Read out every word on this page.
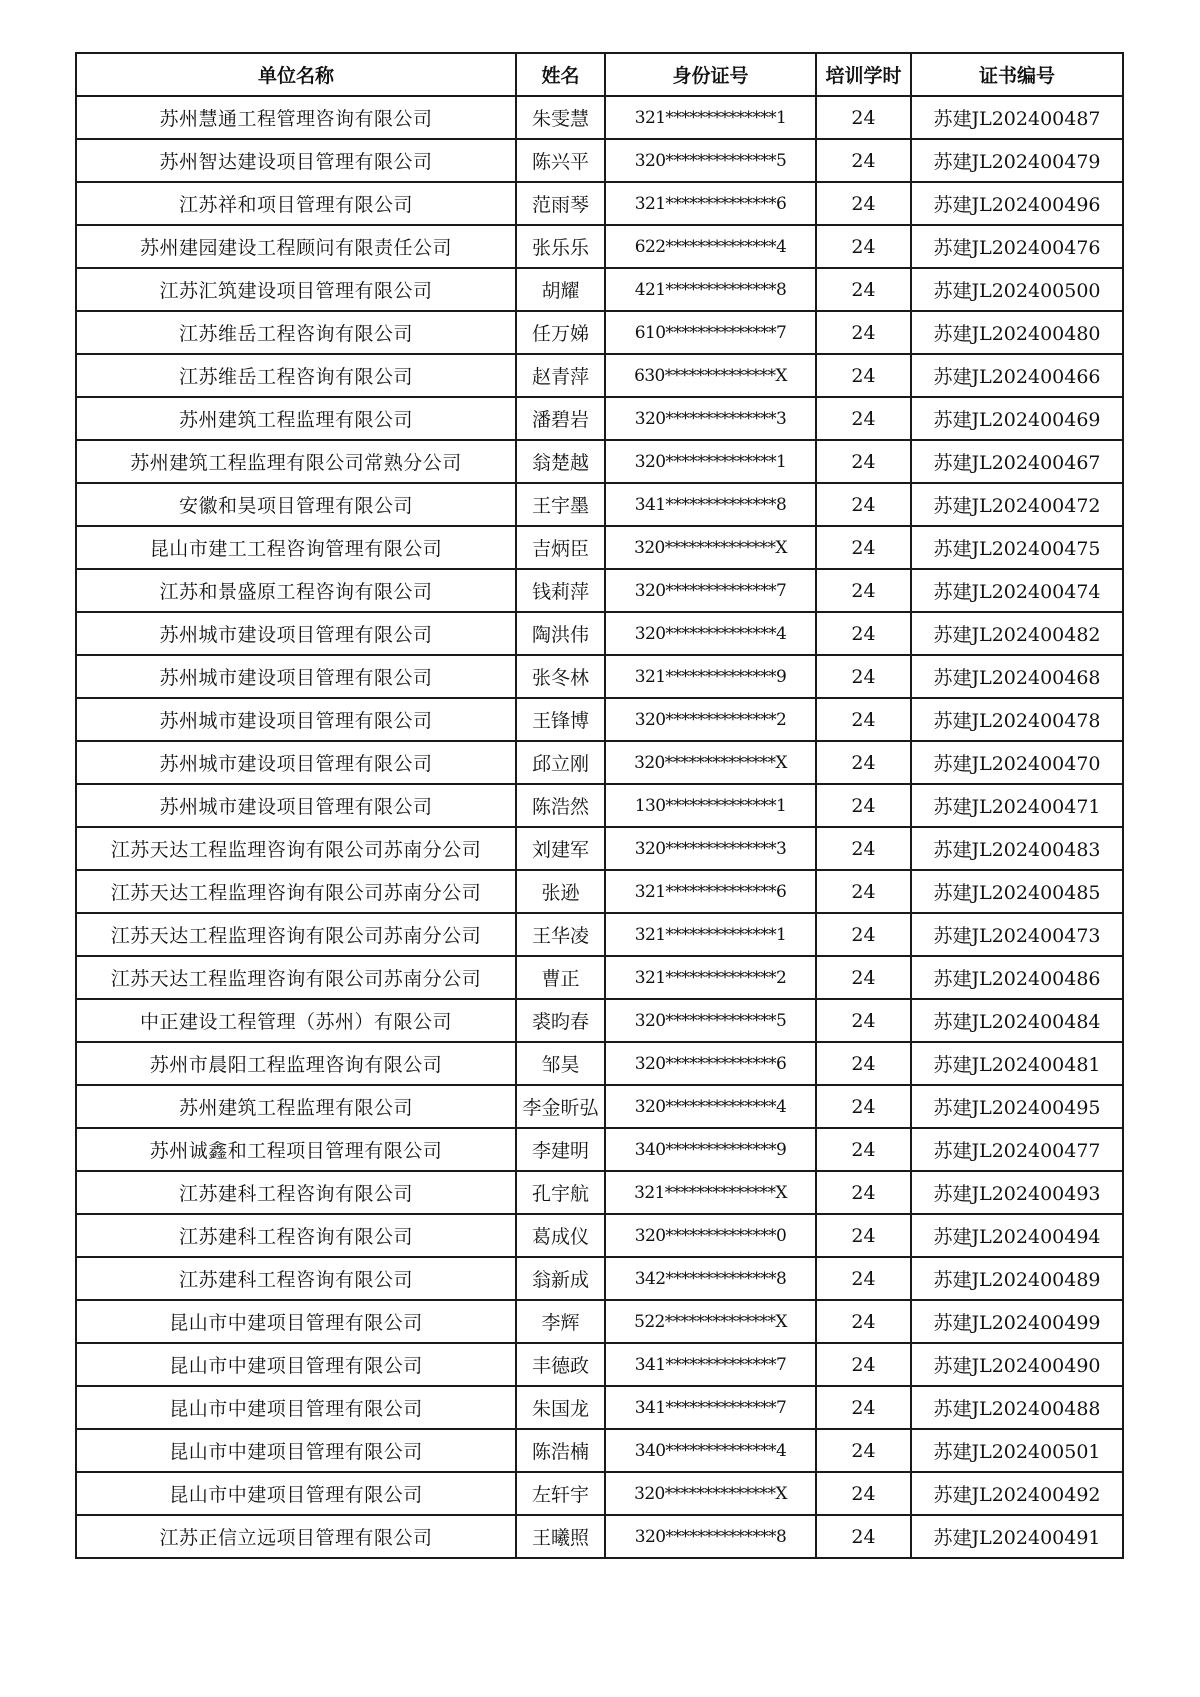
单位名称	姓名	身份证号	培训学时	证书编号
苏州慧通工程管理咨询有限公司	朱雯慧	321**************1	24	苏建JL202400487
苏州智达建设项目管理有限公司	陈兴平	320**************5	24	苏建JL202400479
江苏祥和项目管理有限公司	范雨琴	321**************6	24	苏建JL202400496
苏州建园建设工程顾问有限责任公司	张乐乐	622**************4	24	苏建JL202400476
江苏汇筑建设项目管理有限公司	胡耀	421**************8	24	苏建JL202400500
江苏维岳工程咨询有限公司	任万娣	610**************7	24	苏建JL202400480
江苏维岳工程咨询有限公司	赵青萍	630**************X	24	苏建JL202400466
苏州建筑工程监理有限公司	潘碧岩	320**************3	24	苏建JL202400469
苏州建筑工程监理有限公司常熟分公司	翁楚越	320**************1	24	苏建JL202400467
安徽和昊项目管理有限公司	王宇墨	341**************8	24	苏建JL202400472
昆山市建工工程咨询管理有限公司	吉炳臣	320**************X	24	苏建JL202400475
江苏和景盛原工程咨询有限公司	钱莉萍	320**************7	24	苏建JL202400474
苏州城市建设项目管理有限公司	陶洪伟	320**************4	24	苏建JL202400482
苏州城市建设项目管理有限公司	张冬林	321**************9	24	苏建JL202400468
苏州城市建设项目管理有限公司	王锋博	320**************2	24	苏建JL202400478
苏州城市建设项目管理有限公司	邱立刚	320**************X	24	苏建JL202400470
苏州城市建设项目管理有限公司	陈浩然	130**************1	24	苏建JL202400471
江苏天达工程监理咨询有限公司苏南分公司	刘建军	320**************3	24	苏建JL202400483
江苏天达工程监理咨询有限公司苏南分公司	张逊	321**************6	24	苏建JL202400485
江苏天达工程监理咨询有限公司苏南分公司	王华凌	321**************1	24	苏建JL202400473
江苏天达工程监理咨询有限公司苏南分公司	曹正	321**************2	24	苏建JL202400486
中正建设工程管理（苏州）有限公司	裘昀春	320**************5	24	苏建JL202400484
苏州市晨阳工程监理咨询有限公司	邹昊	320**************6	24	苏建JL202400481
苏州建筑工程监理有限公司	李金昕弘	320**************4	24	苏建JL202400495
苏州诚鑫和工程项目管理有限公司	李建明	340**************9	24	苏建JL202400477
江苏建科工程咨询有限公司	孔宇航	321**************X	24	苏建JL202400493
江苏建科工程咨询有限公司	葛成仪	320**************0	24	苏建JL202400494
江苏建科工程咨询有限公司	翁新成	342**************8	24	苏建JL202400489
昆山市中建项目管理有限公司	李辉	522**************X	24	苏建JL202400499
昆山市中建项目管理有限公司	丰德政	341**************7	24	苏建JL202400490
昆山市中建项目管理有限公司	朱国龙	341**************7	24	苏建JL202400488
昆山市中建项目管理有限公司	陈浩楠	340**************4	24	苏建JL202400501
昆山市中建项目管理有限公司	左轩宇	320**************X	24	苏建JL202400492
江苏正信立远项目管理有限公司	王曦照	320**************8	24	苏建JL202400491
